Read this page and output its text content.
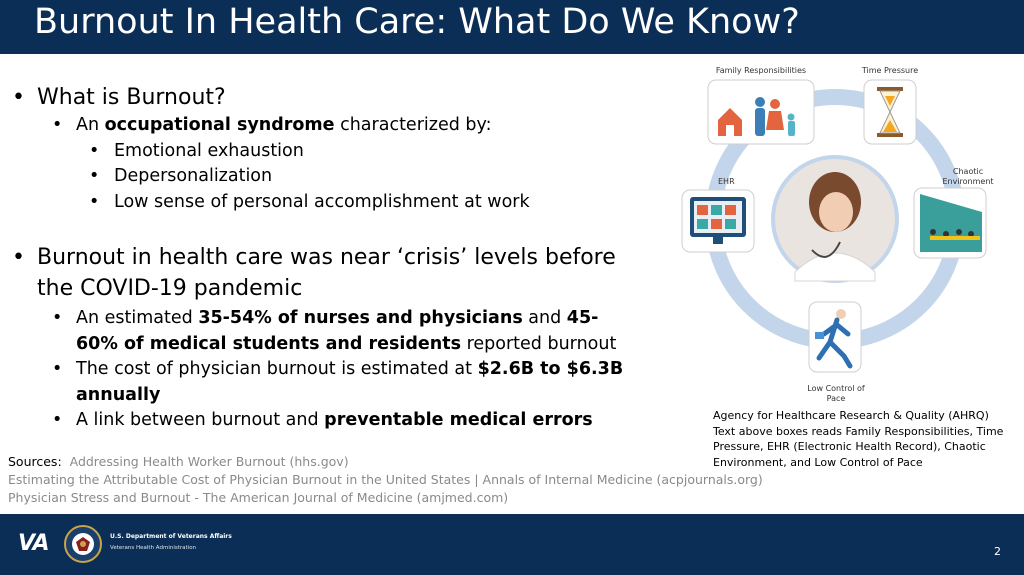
Burnout In Health Care: What Do We Know?
• What is Burnout?
• An occupational syndrome characterized by:
• Emotional exhaustion
• Depersonalization
• Low sense of personal accomplishment at work
• Burnout in health care was near ‘crisis’ levels before the COVID-19 pandemic
• An estimated 35-54% of nurses and physicians and 45-60% of medical students and residents reported burnout
• The cost of physician burnout is estimated at $2.6B to $6.3B annually
• A link between burnout and preventable medical errors
Family Responsibilities	Time Pressure
EHR
Chaotic Environment
Low Control of Pace
Agency for Healthcare Research & Quality (AHRQ) Text above boxes reads Family Responsibilities, Time Pressure, EHR (Electronic Health Record), Chaotic Environment, and Low Control of Pace
Sources: Addressing Health Worker Burnout (hhs.gov)
Estimating the Attributable Cost of Physician Burnout in the United States | Annals of Internal Medicine (acpjournals.org)
Physician Stress and Burnout - The American Journal of Medicine (amjmed.com)
VA	U.S. Department of Veterans Affairs
Veterans Health Administration	2
